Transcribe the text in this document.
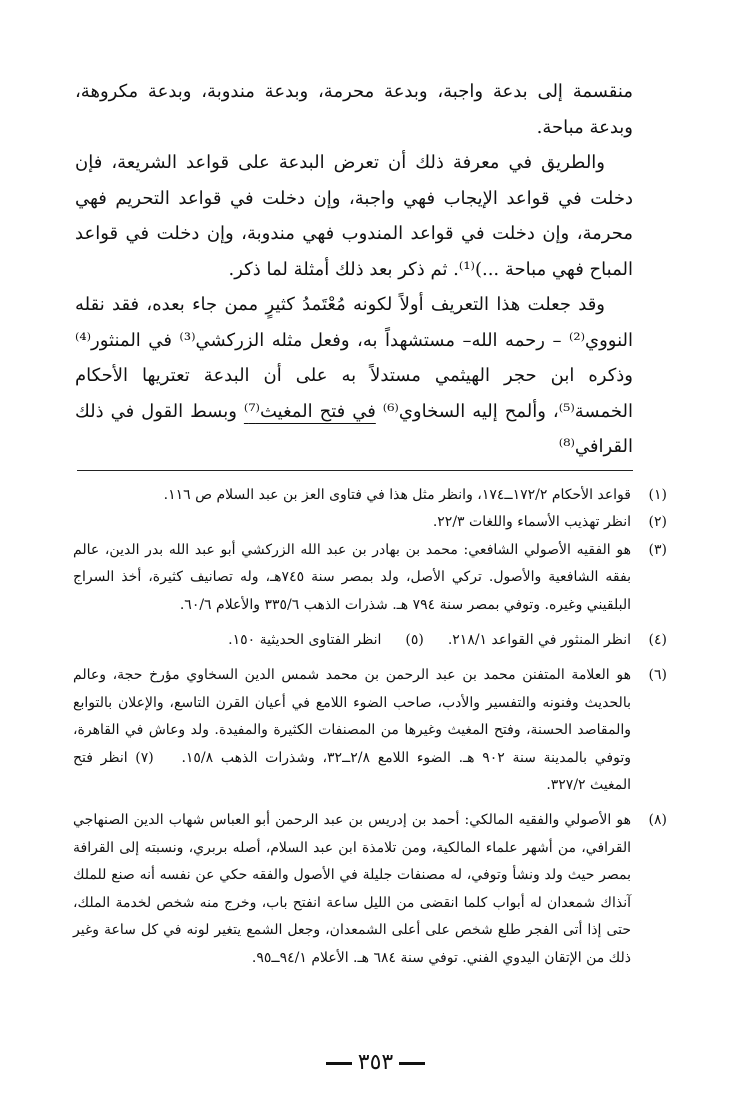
منقسمة إلى بدعة واجبة، وبدعة محرمة، وبدعة مندوبة، وبدعة مكروهة، وبدعة مباحة.

والطريق في معرفة ذلك أن تعرض البدعة على قواعد الشريعة، فإن دخلت في قواعد الإيجاب فهي واجبة، وإن دخلت في قواعد التحريم فهي محرمة، وإن دخلت في قواعد المندوب فهي مندوبة، وإن دخلت في قواعد المباح فهي مباحة ...)⁽¹⁾. ثم ذكر بعد ذلك أمثلة لما ذكر.

وقد جعلت هذا التعريف أولاً لكونه مُعْتَمدُ كثيرٍ ممن جاء بعده، فقد نقله النووي⁽²⁾ – رحمه الله– مستشهداً به، وفعل مثله الزركشي⁽³⁾ في المنثور⁽⁴⁾ وذكره ابن حجر الهيثمي مستدلاً به على أن البدعة تعتريها الأحكام الخمسة⁽⁵⁾، وألمح إليه السخاوي⁽⁶⁾ في فتح المغيث⁽⁷⁾ وبسط القول في ذلك القرافي⁽⁸⁾

(١)
قواعد الأحكام ١٧٢/٢ــ١٧٤، وانظر مثل هذا في فتاوى العز بن عبد السلام ص ١١٦.
(٢)
انظر تهذيب الأسماء واللغات ٢٢/٣.
(٣)
هو الفقيه الأصولي الشافعي: محمد بن بهادر بن عبد الله الزركشي أبو عبد الله بدر الدين، عالم بفقه الشافعية والأصول. تركي الأصل، ولد بمصر سنة ٧٤٥هـ، وله تصانيف كثيرة، أخذ السراج البلقيني وغيره. وتوفي بمصر سنة ٧٩٤ هـ. شذرات الذهب ٣٣٥/٦ والأعلام ٦٠/٦.
(٤)
انظر المنثور في القواعد ٢١٨/١.(٥)انظر الفتاوى الحديثية ١٥٠.
(٦)
هو العلامة المتفنن محمد بن عبد الرحمن بن محمد شمس الدين السخاوي مؤرخ حجة، وعالم بالحديث وفنونه والتفسير والأدب، صاحب الضوء اللامع في أعيان القرن التاسع، والإعلان بالتوابع والمقاصد الحسنة، وفتح المغيث وغيرها من المصنفات الكثيرة والمفيدة. ولد وعاش في القاهرة، وتوفي بالمدينة سنة ٩٠٢ هـ. الضوء اللامع ٢/٨ــ٣٢، وشذرات الذهب ١٥/٨. (٧) انظر فتح المغيث ٣٢٧/٢.
(٨)
هو الأصولي والفقيه المالكي: أحمد بن إدريس بن عبد الرحمن أبو العباس شهاب الدين الصنهاجي القرافي، من أشهر علماء المالكية، ومن تلامذة ابن عبد السلام، أصله بربري، ونسبته إلى القرافة بمصر حيث ولد ونشأ وتوفي، له مصنفات جليلة في الأصول والفقه حكي عن نفسه أنه صنع للملك آنذاك شمعدان له أبواب كلما انقضى من الليل ساعة انفتح باب، وخرج منه شخص لخدمة الملك، حتى إذا أتى الفجر طلع شخص على أعلى الشمعدان، وجعل الشمع يتغير لونه في كل ساعة وغير ذلك من الإتقان اليدوي الفني. توفي سنة ٦٨٤ هـ. الأعلام ٩٤/١ــ٩٥.
٣٥٣
